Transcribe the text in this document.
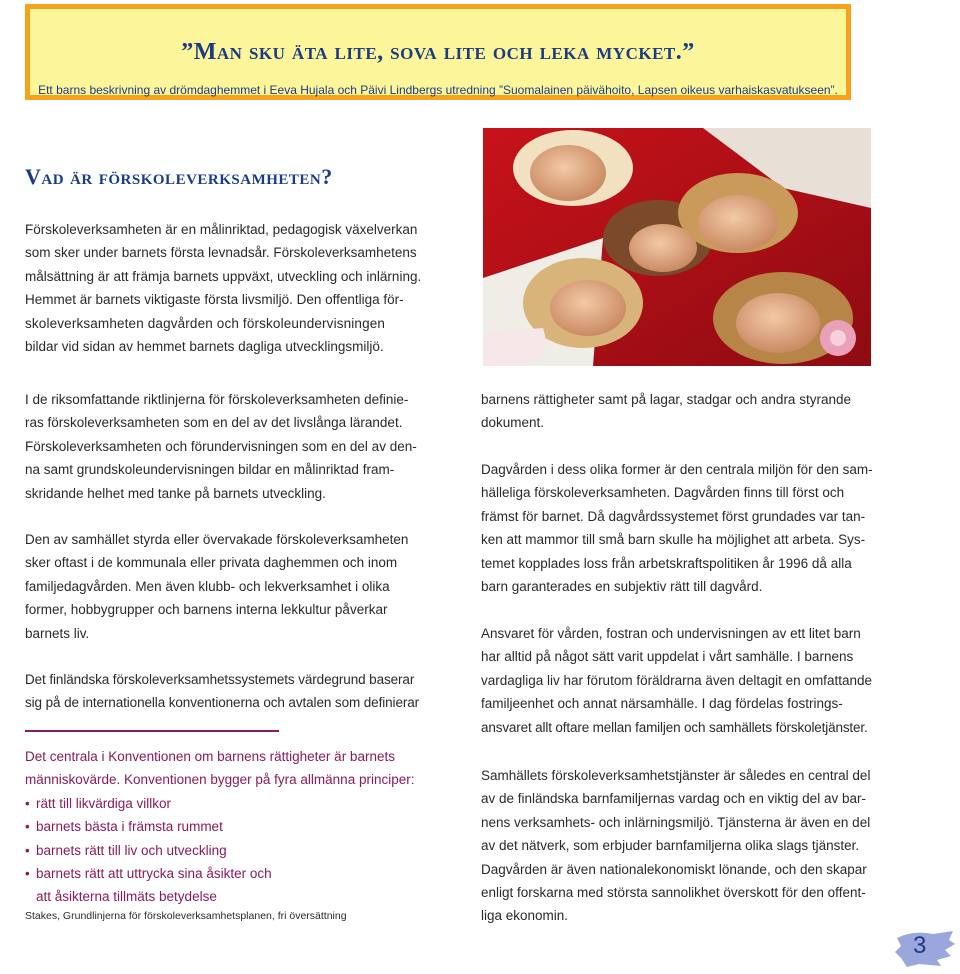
”Man sku äta lite, sova lite och leka mycket.”
Ett barns beskrivning av drömdaghemmet i Eeva Hujala och Päivi Lindbergs utredning ”Suomalainen päivähoito, Lapsen oikeus varhaiskasvatukseen”.
Vad är förskoleverksamheten?

Förskoleverksamheten är en målinriktad, pedagogisk växelverkan

som sker under barnets första levnadsår. Förskoleverksamhetens

målsättning är att främja barnets uppväxt, utveckling och inlärning.

Hemmet är barnets viktigaste första livsmiljö. Den offentliga för-

skoleverksamheten dagvården och förskoleundervisningen

bildar vid sidan av hemmet barnets dagliga utvecklingsmiljö.

I de riksomfattande riktlinjerna för förskoleverksamheten definie-

ras förskoleverksamheten som en del av det livslånga lärandet.

Förskoleverksamheten och förundervisningen som en del av den-

na samt grundskoleundervisningen bildar en målinriktad fram-

skridande helhet med tanke på barnets utveckling.

Den av samhället styrda eller övervakade förskoleverksamheten

sker oftast i de kommunala eller privata daghemmen och inom

familjedagvården. Men även klubb- och lekverksamhet i olika

former, hobbygrupper och barnens interna lekkultur påverkar

barnets liv.

Det finländska förskoleverksamhetssystemets värdegrund baserar

sig på de internationella konventionerna och avtalen som definierar

Det centrala i Konventionen om barnens rättigheter är barnets
människovärde. Konventionen bygger på fyra allmänna principer:
• rätt till likvärdiga villkor
• barnets bästa i främsta rummet
• barnets rätt till liv och utveckling
• barnets rätt att uttrycka sina åsikter och
att åsikterna tillmäts betydelse
Stakes, Grundlinjerna för förskoleverksamhetsplanen, fri översättning

barnens rättigheter samt på lagar, stadgar och andra styrande

dokument.

Dagvården i dess olika former är den centrala miljön för den sam-

hälleliga förskoleverksamheten. Dagvården finns till först och

främst för barnet. Då dagvårdssystemet först grundades var tan-

ken att mammor till små barn skulle ha möjlighet att arbeta. Sys-

temet kopplades loss från arbetskraftspolitiken år 1996 då alla

barn garanterades en subjektiv rätt till dagvård.

Ansvaret för vården, fostran och undervisningen av ett litet barn

har alltid på något sätt varit uppdelat i vårt samhälle. I barnens

vardagliga liv har förutom föräldrarna även deltagit en omfattande

familjeenhet och annat närsamhälle. I dag fördelas fostrings-

ansvaret allt oftare mellan familjen och samhällets förskoletjänster.

Samhällets förskoleverksamhetstjänster är således en central del

av de finländska barnfamiljernas vardag och en viktig del av bar-

nens verksamhets- och inlärningsmiljö. Tjänsterna är även en del

av det nätverk, som erbjuder barnfamiljerna olika slags tjänster.

Dagvården är även nationalekonomiskt lönande, och den skapar

enligt forskarna med största sannolikhet överskott för den offent-

liga ekonomin.

3
